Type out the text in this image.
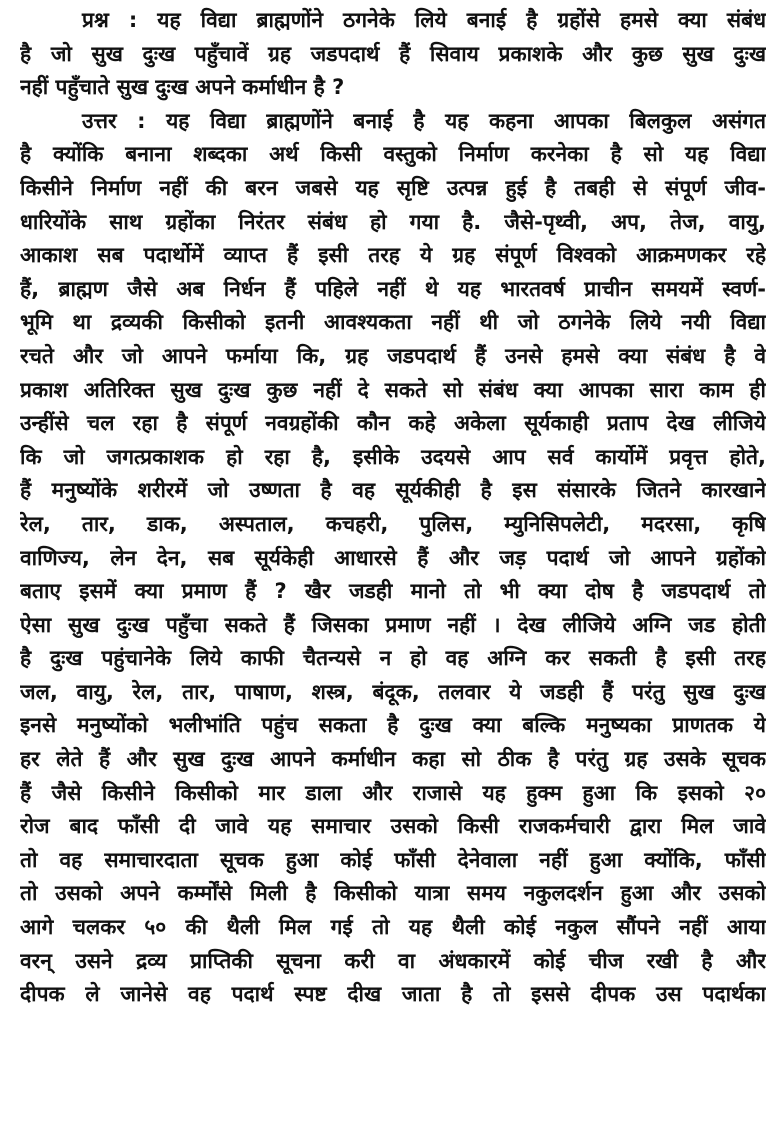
प्रश्न : यह विद्या ब्राह्मणोंने ठगनेके लिये बनाई है ग्रहोंसे हमसे क्या संबंध
है जो सुख दुःख पहुँचावें ग्रह जडपदार्थ हैं सिवाय प्रकाशके और कुछ सुख दुःख
नहीं पहुँचाते सुख दुःख अपने कर्माधीन है ?
उत्तर : यह विद्या ब्राह्मणोंने बनाई है यह कहना आपका बिलकुल असंगत
है क्योंकि बनाना शब्दका अर्थ किसी वस्तुको निर्माण करनेका है सो यह विद्या
किसीने निर्माण नहीं की बरन जबसे यह सृष्टि उत्पन्न हुई है तबही से संपूर्ण जीव-
धारियोंके साथ ग्रहोंका निरंतर संबंध हो गया है. जैसे-पृथ्वी, अप, तेज, वायु,
आकाश सब पदार्थोमें व्याप्त हैं इसी तरह ये ग्रह संपूर्ण विश्वको आक्रमणकर रहे
हैं, ब्राह्मण जैसे अब निर्धन हैं पहिले नहीं थे यह भारतवर्ष प्राचीन समयमें स्वर्ण-
भूमि था द्रव्यकी किसीको इतनी आवश्यकता नहीं थी जो ठगनेके लिये नयी विद्या
रचते और जो आपने फर्माया कि, ग्रह जडपदार्थ हैं उनसे हमसे क्या संबंध है वे
प्रकाश अतिरिक्त सुख दुःख कुछ नहीं दे सकते सो संबंध क्या आपका सारा काम ही
उन्हींसे चल रहा है संपूर्ण नवग्रहोंकी कौन कहे अकेला सूर्यकाही प्रताप देख लीजिये
कि जो जगत्प्रकाशक हो रहा है, इसीके उदयसे आप सर्व कार्योमें प्रवृत्त होते,
हैं मनुष्योंके शरीरमें जो उष्णता है वह सूर्यकीही है इस संसारके जितने कारखाने
रेल, तार, डाक, अस्पताल, कचहरी, पुलिस, म्युनिसिपलेटी, मदरसा, कृषि
वाणिज्य, लेन देन, सब सूर्यकेही आधारसे हैं और जड़ पदार्थ जो आपने ग्रहोंको
बताए इसमें क्या प्रमाण हैं ? खैर जडही मानो तो भी क्या दोष है जडपदार्थ तो
ऐसा सुख दुःख पहुँचा सकते हैं जिसका प्रमाण नहीं । देख लीजिये अग्नि जड होती
है दुःख पहुंचानेके लिये काफी चैतन्यसे न हो वह अग्नि कर सकती है इसी तरह
जल, वायु, रेल, तार, पाषाण, शस्त्र, बंदूक, तलवार ये जडही हैं परंतु सुख दुःख
इनसे मनुष्योंको भलीभांति पहुंच सकता है दुःख क्या बल्कि मनुष्यका प्राणतक ये
हर लेते हैं और सुख दुःख आपने कर्माधीन कहा सो ठीक है परंतु ग्रह उसके सूचक
हैं जैसे किसीने किसीको मार डाला और राजासे यह हुक्म हुआ कि इसको २०
रोज बाद फाँसी दी जावे यह समाचार उसको किसी राजकर्मचारी द्वारा मिल जावे
तो वह समाचारदाता सूचक हुआ कोई फाँसी देनेवाला नहीं हुआ क्योंकि, फाँसी
तो उसको अपने कर्म्मोंसे मिली है किसीको यात्रा समय नकुलदर्शन हुआ और उसको
आगे चलकर ५० की थैली मिल गई तो यह थैली कोई नकुल सौंपने नहीं आया
वरन् उसने द्रव्य प्राप्तिकी सूचना करी वा अंधकारमें कोई चीज रखी है और
दीपक ले जानेसे वह पदार्थ स्पष्ट दीख जाता है तो इससे दीपक उस पदार्थका
